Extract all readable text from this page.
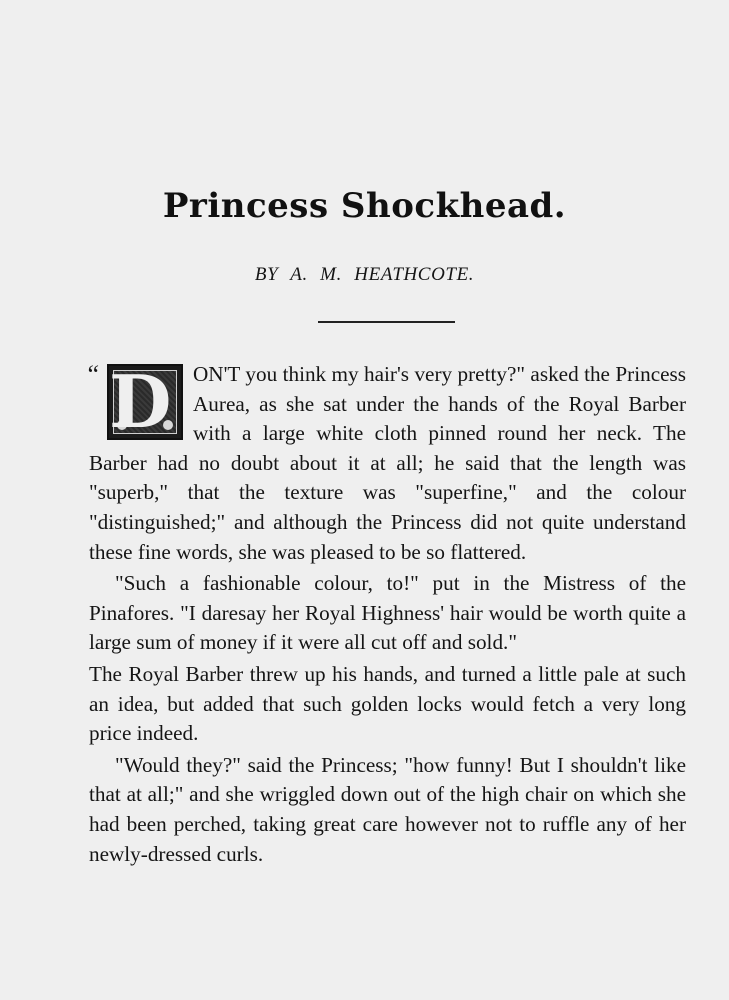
Princess Shockhead.
BY A. M. HEATHCOTE.
“ D	ON'T you think my hair's very pretty?" asked the Princess Aurea, as she sat under the hands of the Royal Barber with a large white cloth pinned round her neck. The Barber had no doubt about it at all; he said that the length was "superb," that the texture was "superfine," and the colour "distinguished;" and although the Princess did not quite understand these fine words, she was pleased to be so flattered.

"Such a fashionable colour, to!" put in the Mistress of the Pinafores. "I daresay her Royal Highness' hair would be worth quite a large sum of money if it were all cut off and sold."

The Royal Barber threw up his hands, and turned a little pale at such an idea, but added that such golden locks would fetch a very long price indeed.

"Would they?" said the Princess; "how funny! But I shouldn't like that at all;" and she wriggled down out of the high chair on which she had been perched, taking great care however not to ruffle any of her newly-dressed curls.
